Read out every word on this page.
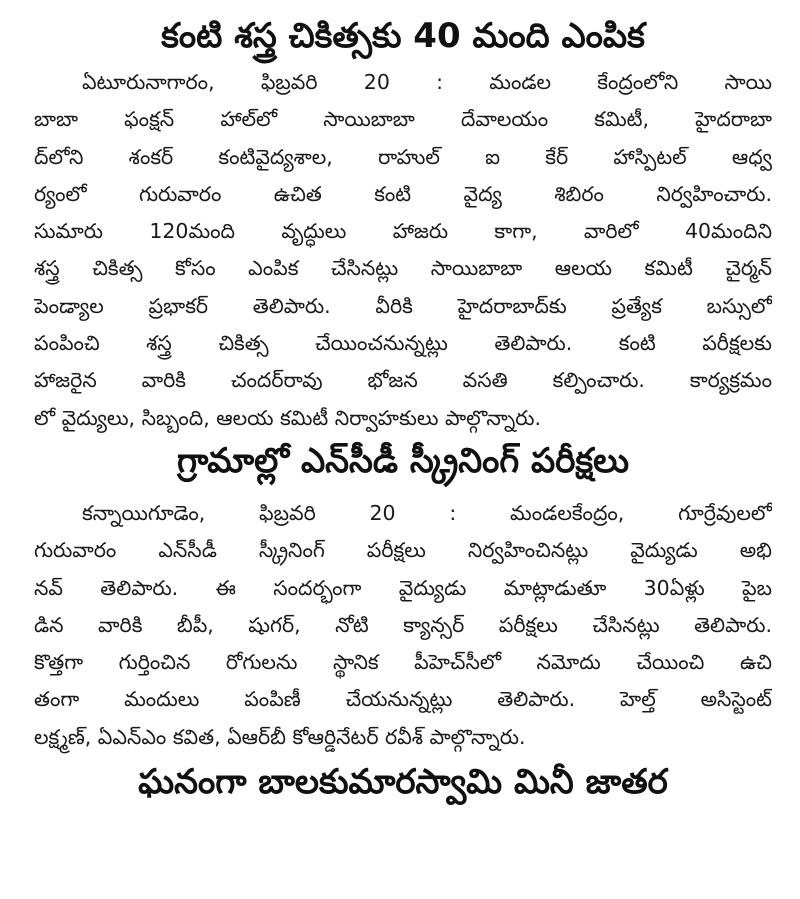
కంటి శస్త్ర చికిత్సకు 40 మంది ఎంపిక
ఏటూరునాగారం, ఫిబ్రవరి 20 : మండల కేంద్రంలోని సాయి
బాబా ఫంక్షన్ హాల్‌లో సాయిబాబా దేవాలయం కమిటీ, హైదరాబా
ద్‌లోని శంకర్ కంటివైద్యశాల, రాహుల్ ఐ కేర్ హాస్పిటల్ ఆధ్వ
ర్యంలో గురువారం ఉచిత కంటి వైద్య శిబిరం నిర్వహించారు.
సుమారు 120మంది వృద్ధులు హాజరు కాగా, వారిలో 40మందిని
శస్త్ర చికిత్స కోసం ఎంపిక చేసినట్లు సాయిబాబా ఆలయ కమిటీ చైర్మన్
పెండ్యాల ప్రభాకర్ తెలిపారు. వీరికి హైదరాబాద్‌కు ప్రత్యేక బస్సులో
పంపించి శస్త్ర చికిత్స చేయించనున్నట్లు తెలిపారు. కంటి పరీక్షలకు
హాజరైన వారికి చందర్‌రావు భోజన వసతి కల్పించారు. కార్యక్రమం
లో వైద్యులు, సిబ్బంది, ఆలయ కమిటీ నిర్వాహకులు పాల్గొన్నారు.
గ్రామాల్లో ఎన్‌సీడీ స్క్రీనింగ్ పరీక్షలు
కన్నాయిగూడెం, ఫిబ్రవరి 20 : మండలకేంద్రం, గూర్రేవులలో
గురువారం ఎన్‌సీడీ స్క్రీనింగ్ పరీక్షలు నిర్వహించినట్లు వైద్యుడు అభి
నవ్ తెలిపారు. ఈ సందర్భంగా వైద్యుడు మాట్లాడుతూ 30ఏళ్లు పైబ
డిన వారికి బీపీ, షుగర్, నోటి క్యాన్సర్ పరీక్షలు చేసినట్లు తెలిపారు.
కొత్తగా గుర్తించిన రోగులను స్థానిక పీహెచ్‌సీలో నమోదు చేయించి ఉచి
తంగా మందులు పంపిణీ చేయనున్నట్లు తెలిపారు. హెల్త్ అసిస్టెంట్
లక్ష్మణ్, ఏఎన్ఎం కవిత, ఏఆర్‌బీ కోఆర్డినేటర్ రవీశ్ పాల్గొన్నారు.
ఘనంగా బాలకుమారస్వామి మినీ జాతర
